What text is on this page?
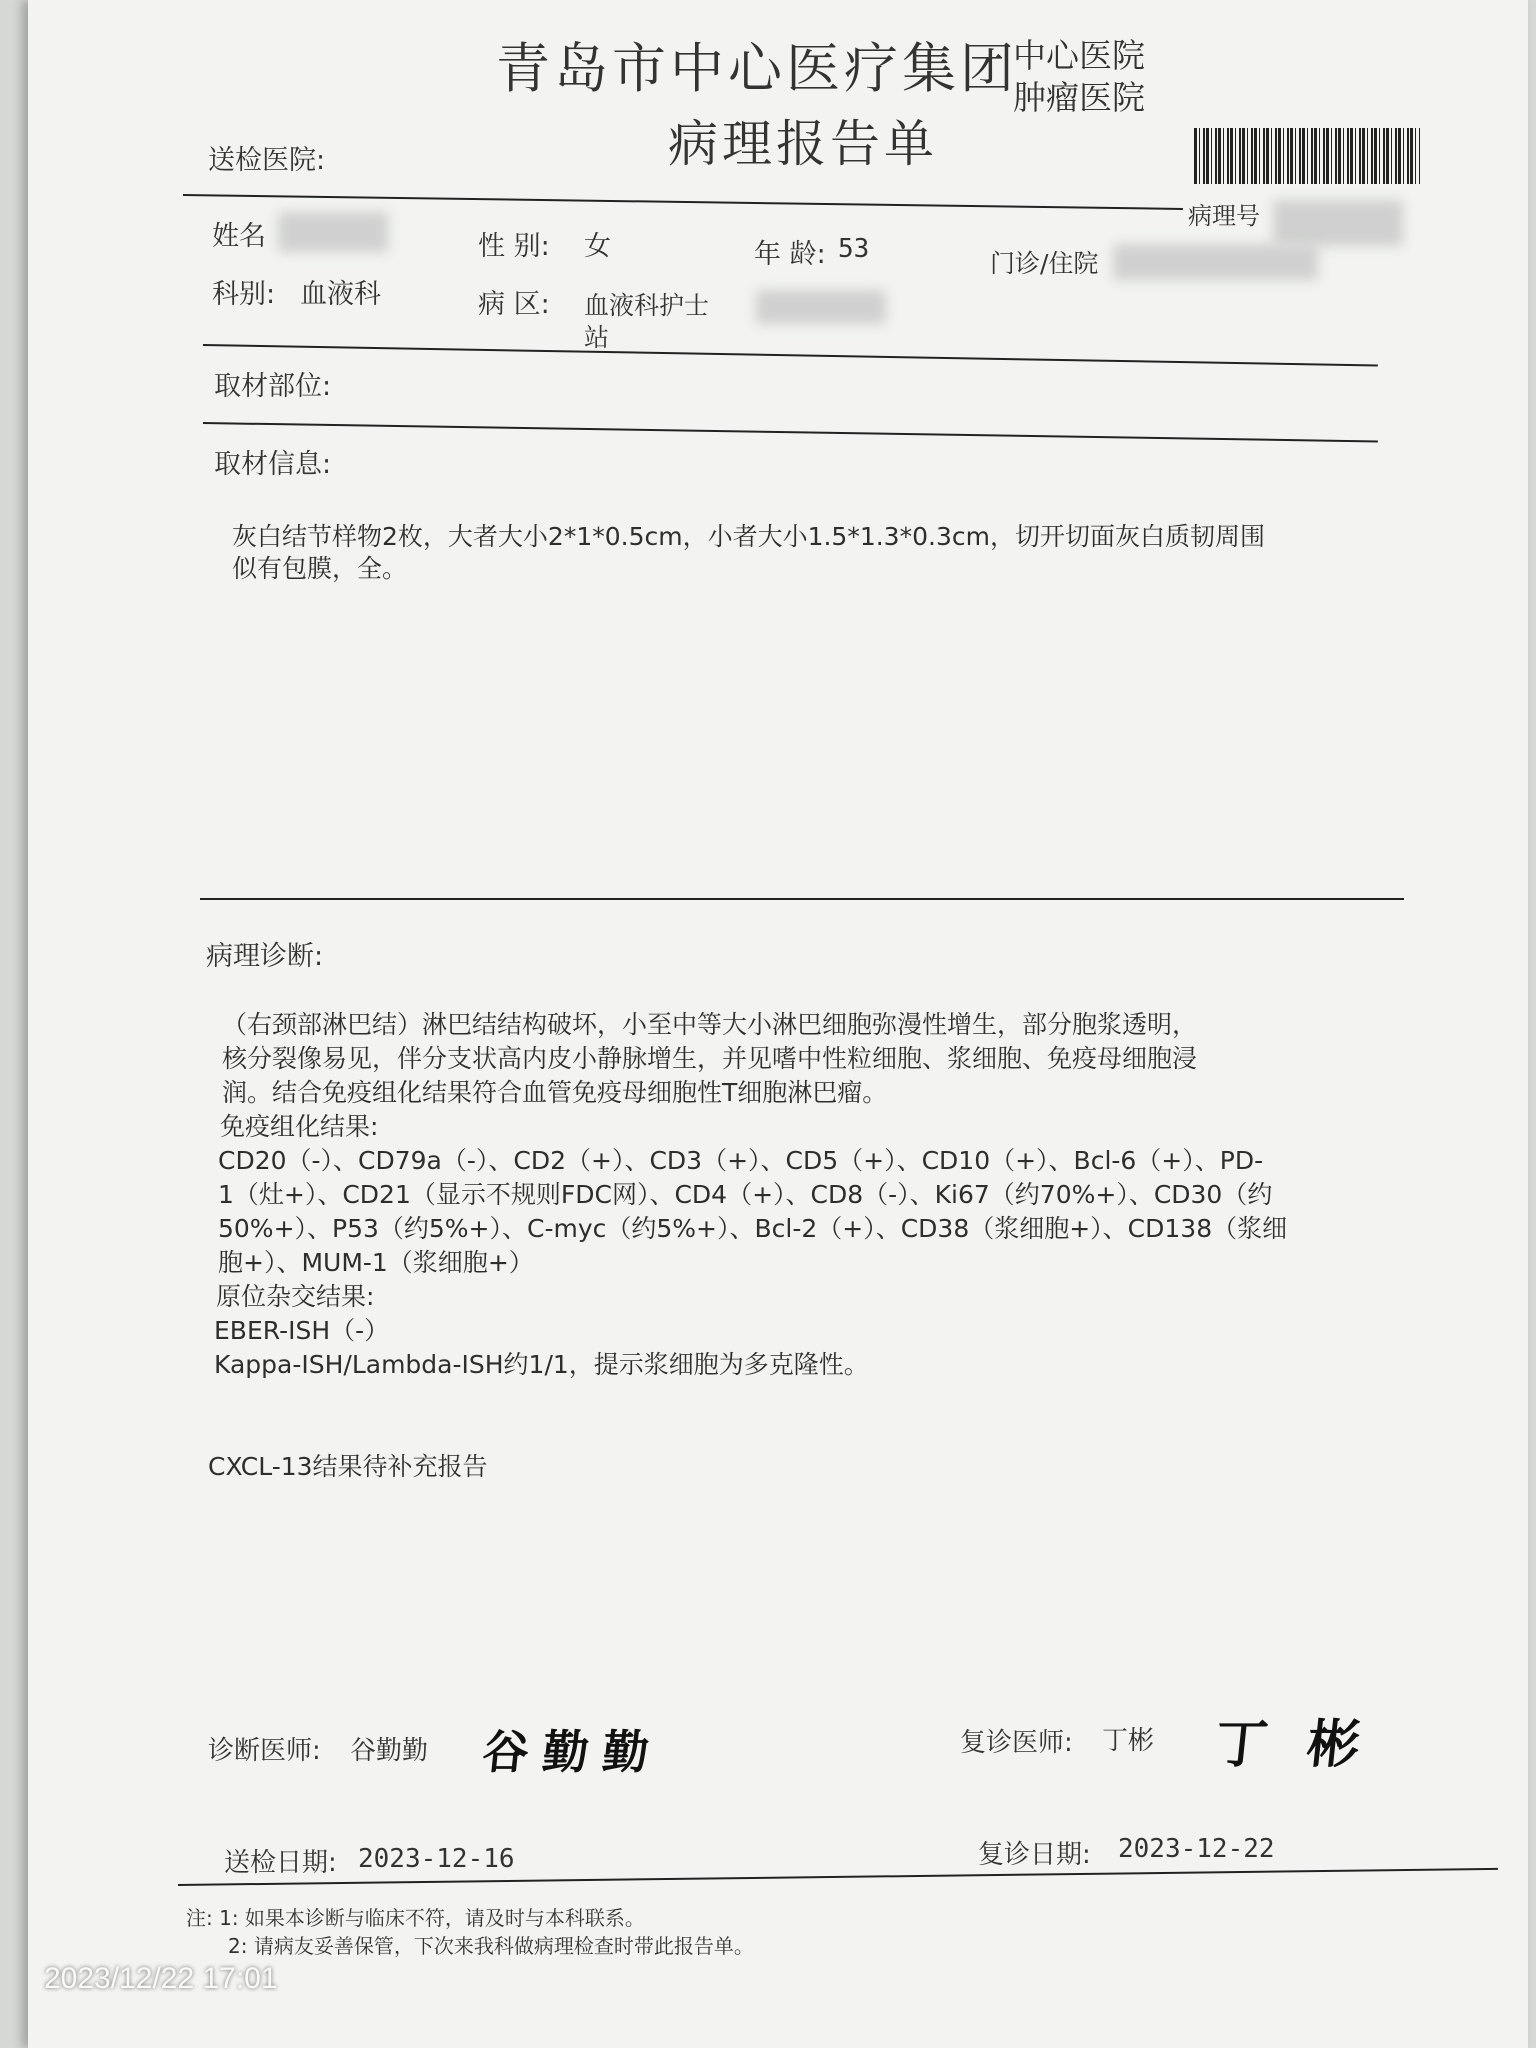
青岛市中心医疗集团
病理报告单
中心医院
肿瘤医院
送检医院:
病理号
姓名	性 别: 女	年 龄: 53	门诊/住院
科别: 血液科	病 区: 血液科护士
站
取材部位:
取材信息:
灰白结节样物2枚，大者大小2*1*0.5cm，小者大小1.5*1.3*0.3cm，切开切面灰白质韧周围
似有包膜，全。
病理诊断:
（右颈部淋巴结）淋巴结结构破坏，小至中等大小淋巴细胞弥漫性增生，部分胞浆透明，
核分裂像易见，伴分支状高内皮小静脉增生，并见嗜中性粒细胞、浆细胞、免疫母细胞浸
润。结合免疫组化结果符合血管免疫母细胞性T细胞淋巴瘤。
免疫组化结果:
CD20（-）、CD79a（-）、CD2（+）、CD3（+）、CD5（+）、CD10（+）、Bcl-6（+）、PD-
1（灶+）、CD21（显示不规则FDC网）、CD4（+）、CD8（-）、Ki67（约70%+）、CD30（约
50%+）、P53（约5%+）、C-myc（约5%+）、Bcl-2（+）、CD38（浆细胞+）、CD138（浆细
胞+）、MUM-1（浆细胞+）
原位杂交结果:
EBER-ISH（-）
Kappa-ISH/Lambda-ISH约1/1，提示浆细胞为多克隆性。
CXCL-13结果待补充报告
诊断医师: 谷勤勤 谷勤勤	复诊医师: 丁彬 丁彬
送检日期: 2023-12-16	复诊日期: 2023-12-22
注: 1: 如果本诊断与临床不符，请及时与本科联系。
2: 请病友妥善保管，下次来我科做病理检查时带此报告单。
2023/12/22 17:01
